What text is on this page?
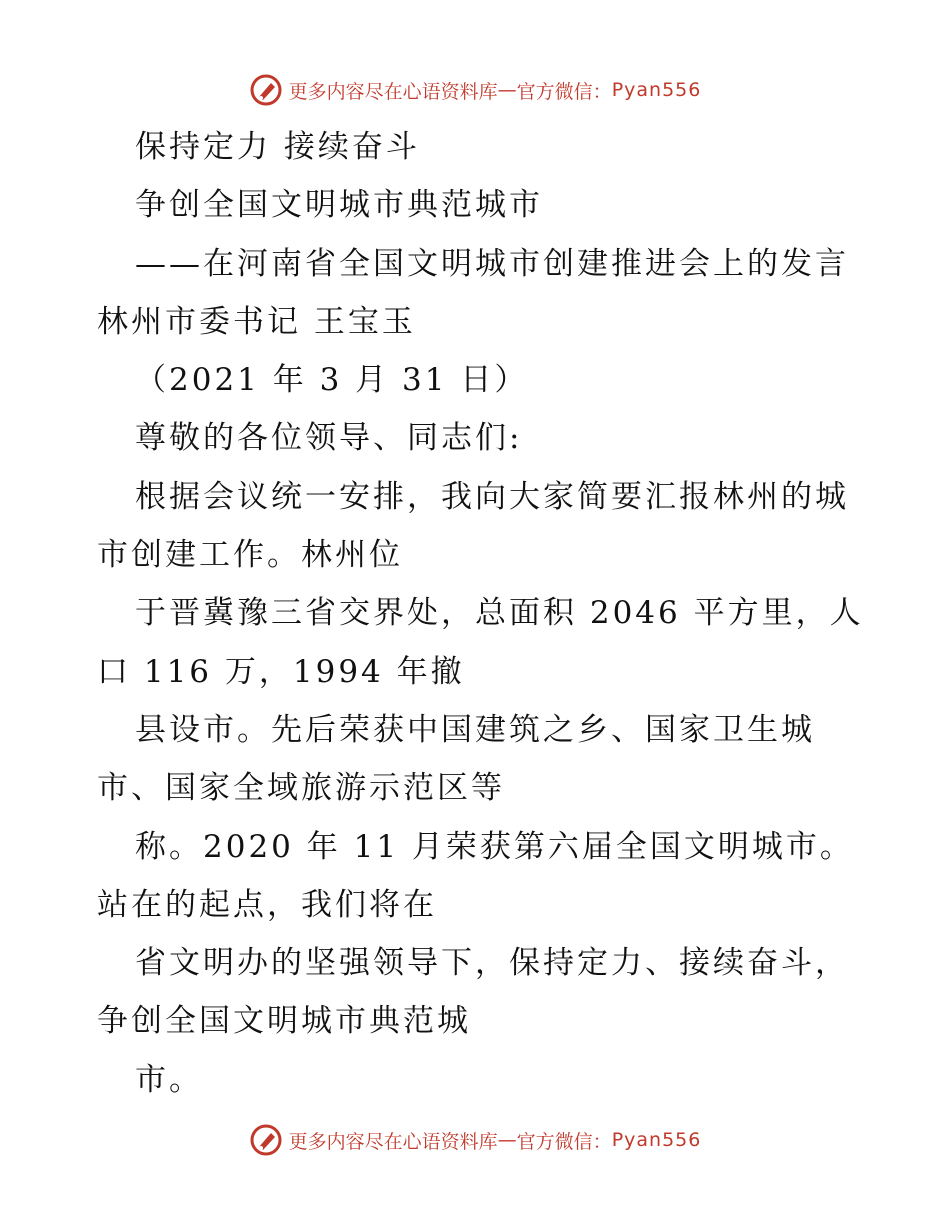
更多内容尽在心语资料库 — 官方微信： Pyan556
保持定力 接续奋斗
争创全国文明城市典范城市
——在河南省全国文明城市创建推进会上的发言
林州市委书记 王宝玉
（2021 年 3 月 31 日）
尊敬的各位领导、同志们:
根据会议统一安排，我向大家简要汇报林州的城
市创建工作。林州位
于晋冀豫三省交界处，总面积 2046 平方里，人
口 116 万，1994 年撤
县设市。先后荣获中国建筑之乡、国家卫生城
市、国家全域旅游示范区等
称。2020 年 11 月荣获第六届全国文明城市。
站在的起点，我们将在
省文明办的坚强领导下，保持定力、接续奋斗，
争创全国文明城市典范城
市。
更多内容尽在心语资料库 — 官方微信： Pyan556
